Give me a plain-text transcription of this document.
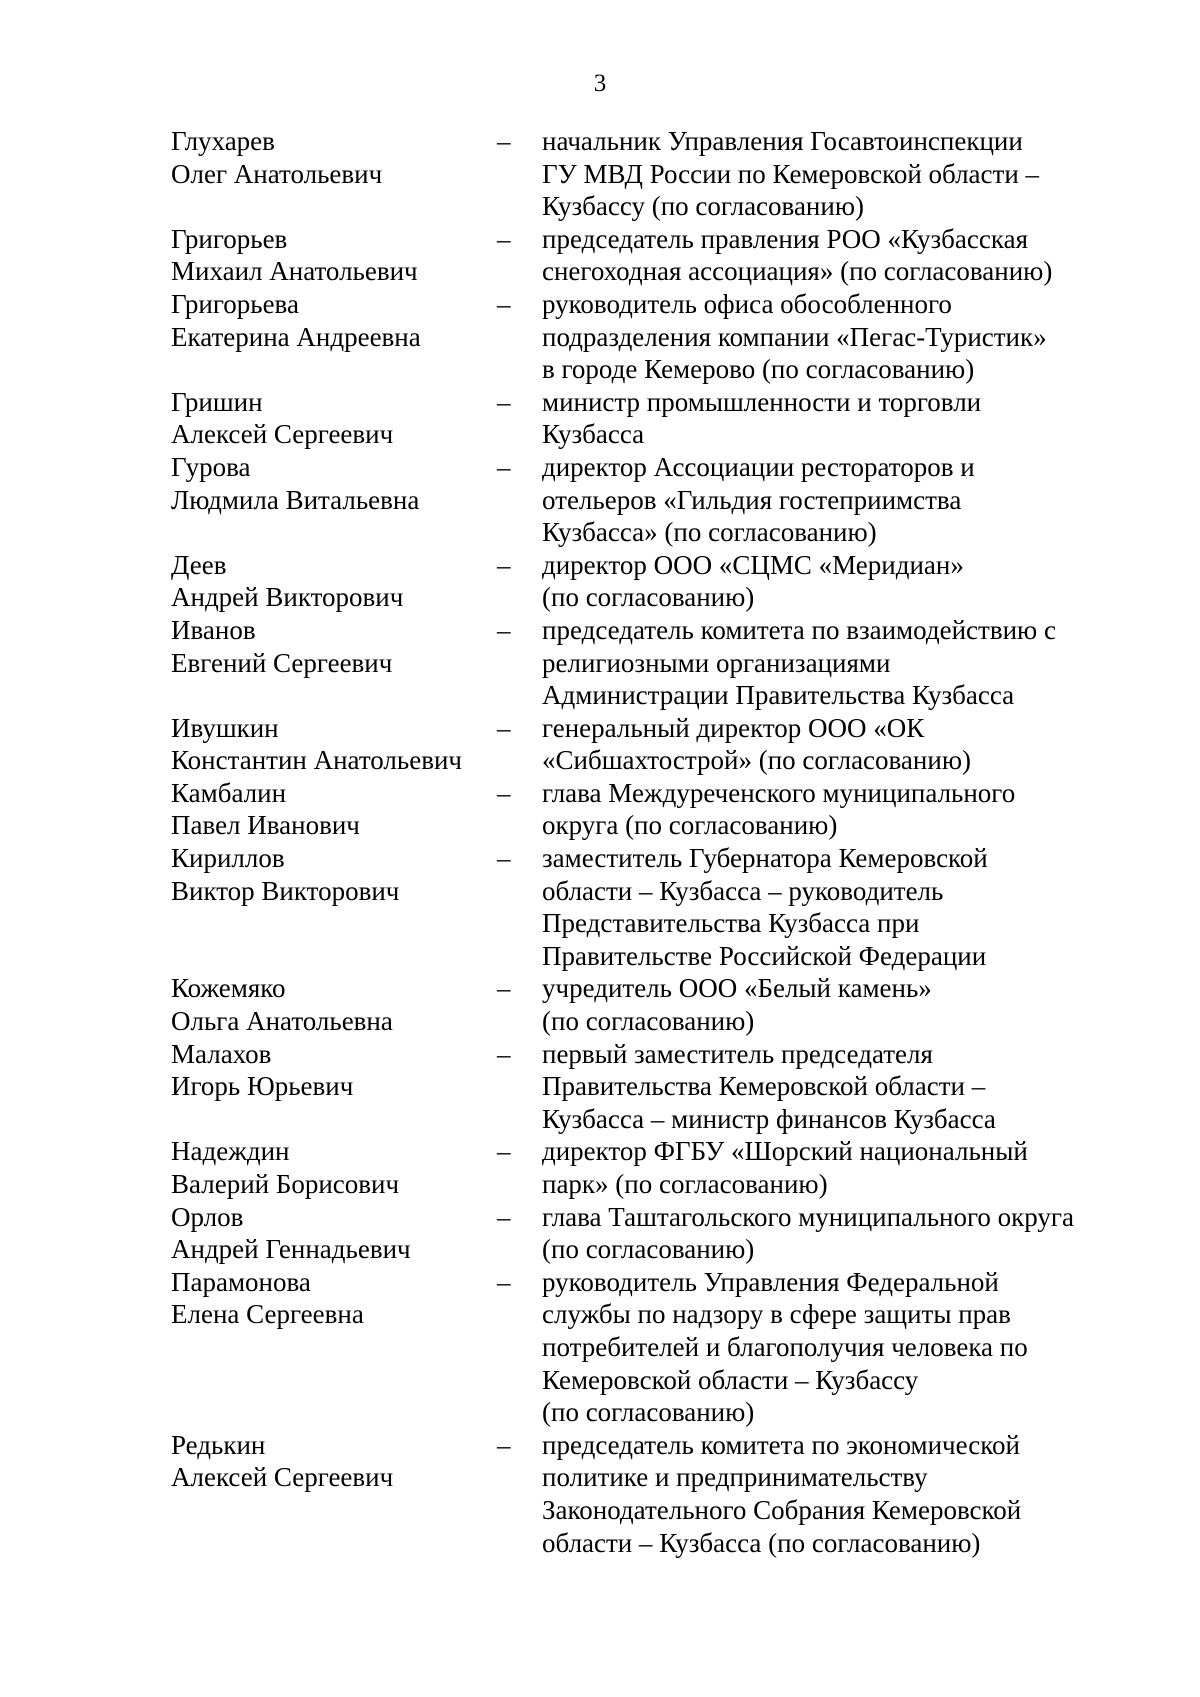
3
Глухарев
Олег Анатольевич
–	начальник Управления Госавтоинспекции
ГУ МВД России по Кемеровской области –
Кузбассу (по согласованию)
Григорьев
Михаил Анатольевич
–	председатель правления РОО «Кузбасская
снегоходная ассоциация» (по согласованию)
Григорьева
Екатерина Андреевна
–	руководитель офиса обособленного
подразделения компании «Пегас-Туристик»
в городе Кемерово (по согласованию)
Гришин
Алексей Сергеевич
–	министр промышленности и торговли
Кузбасса
Гурова
Людмила Витальевна
–	директор Ассоциации рестораторов и
отельеров «Гильдия гостеприимства
Кузбасса» (по согласованию)
Деев
Андрей Викторович
–	директор ООО «СЦМС «Меридиан»
(по согласованию)
Иванов
Евгений Сергеевич
–	председатель комитета по взаимодействию с
религиозными организациями
Администрации Правительства Кузбасса
Ивушкин
Константин Анатольевич
–	генеральный директор ООО «ОК
«Сибшахтострой» (по согласованию)
Камбалин
Павел Иванович
–	глава Междуреченского муниципального
округа (по согласованию)
Кириллов
Виктор Викторович
–	заместитель Губернатора Кемеровской
области – Кузбасса – руководитель
Представительства Кузбасса при
Правительстве Российской Федерации
Кожемяко
Ольга Анатольевна
–	учредитель ООО «Белый камень»
(по согласованию)
Малахов
Игорь Юрьевич
–	первый заместитель председателя
Правительства Кемеровской области –
Кузбасса – министр финансов Кузбасса
Надеждин
Валерий Борисович
–	директор ФГБУ «Шорский национальный
парк» (по согласованию)
Орлов
Андрей Геннадьевич
–	глава Таштагольского муниципального округа
(по согласованию)
Парамонова
Елена Сергеевна
–	руководитель Управления Федеральной
службы по надзору в сфере защиты прав
потребителей и благополучия человека по
Кемеровской области – Кузбассу
(по согласованию)
Редькин
Алексей Сергеевич
–	председатель комитета по экономической
политике и предпринимательству
Законодательного Собрания Кемеровской
области – Кузбасса (по согласованию)
